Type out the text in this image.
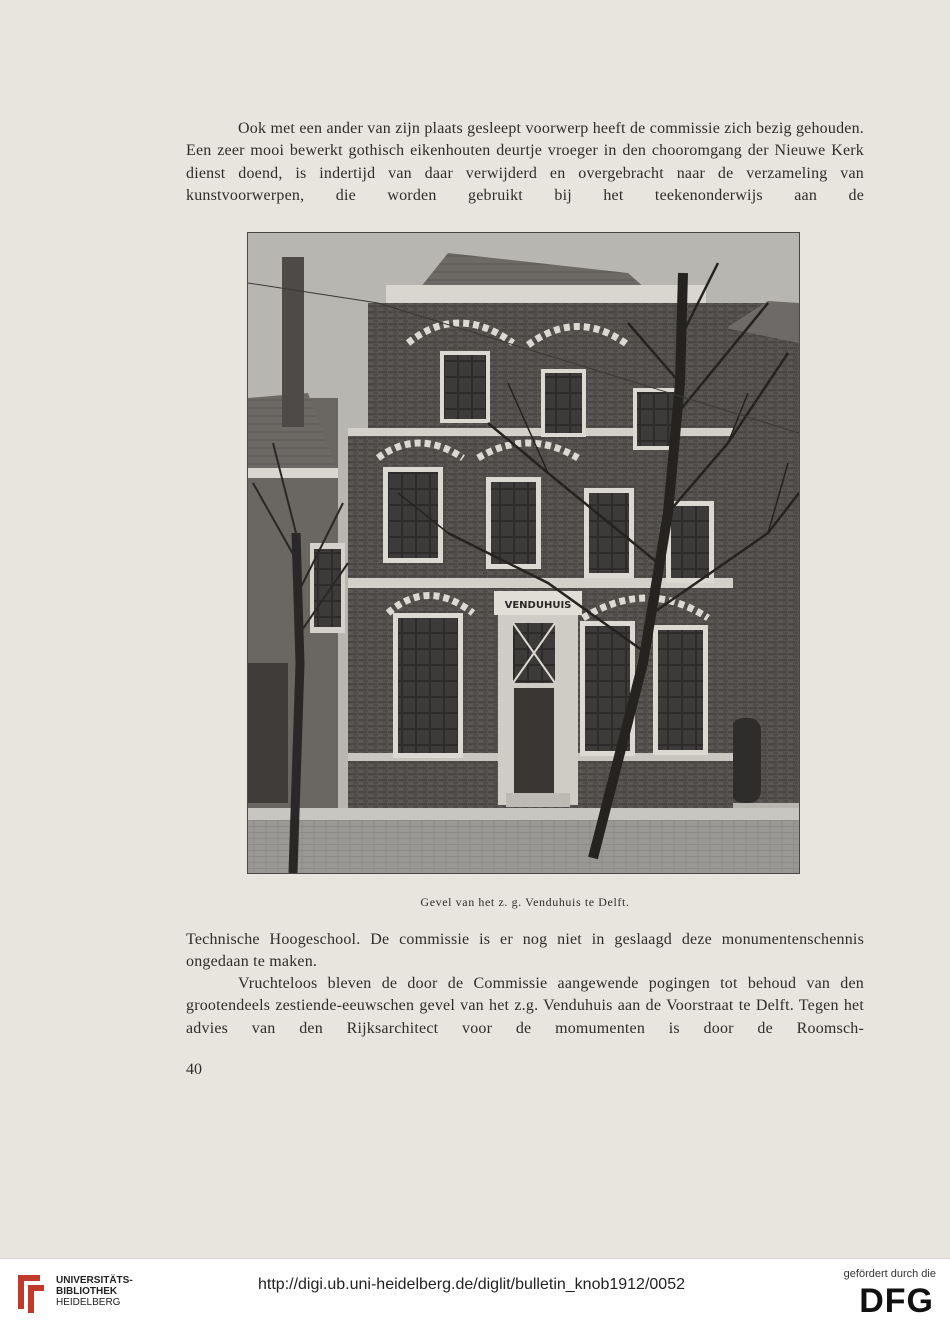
Ook met een ander van zijn plaats gesleept voorwerp heeft de commissie zich bezig gehouden. Een zeer mooi bewerkt gothisch eikenhouten deurtje vroeger in den chooromgang der Nieuwe Kerk dienst doend, is indertijd van daar verwijderd en overgebracht naar de verzameling van kunstvoorwerpen, die worden gebruikt bij het teekenonderwijs aan de
VENDUHUIS
Gevel van het z. g. Venduhuis te Delft.
Technische Hoogeschool. De commissie is er nog niet in geslaagd deze monumentenschennis ongedaan te maken.
Vruchteloos bleven de door de Commissie aangewende pogingen tot behoud van den grootendeels zestiende-eeuwschen gevel van het z.g. Venduhuis aan de Voorstraat te Delft. Tegen het advies van den Rijksarchitect voor de momumenten is door de Roomsch-
40
UNIVERSITÄTS-
BIBLIOTHEK
HEIDELBERG
http://digi.ub.uni-heidelberg.de/diglit/bulletin_knob1912/0052
gefördert durch die
DFG
